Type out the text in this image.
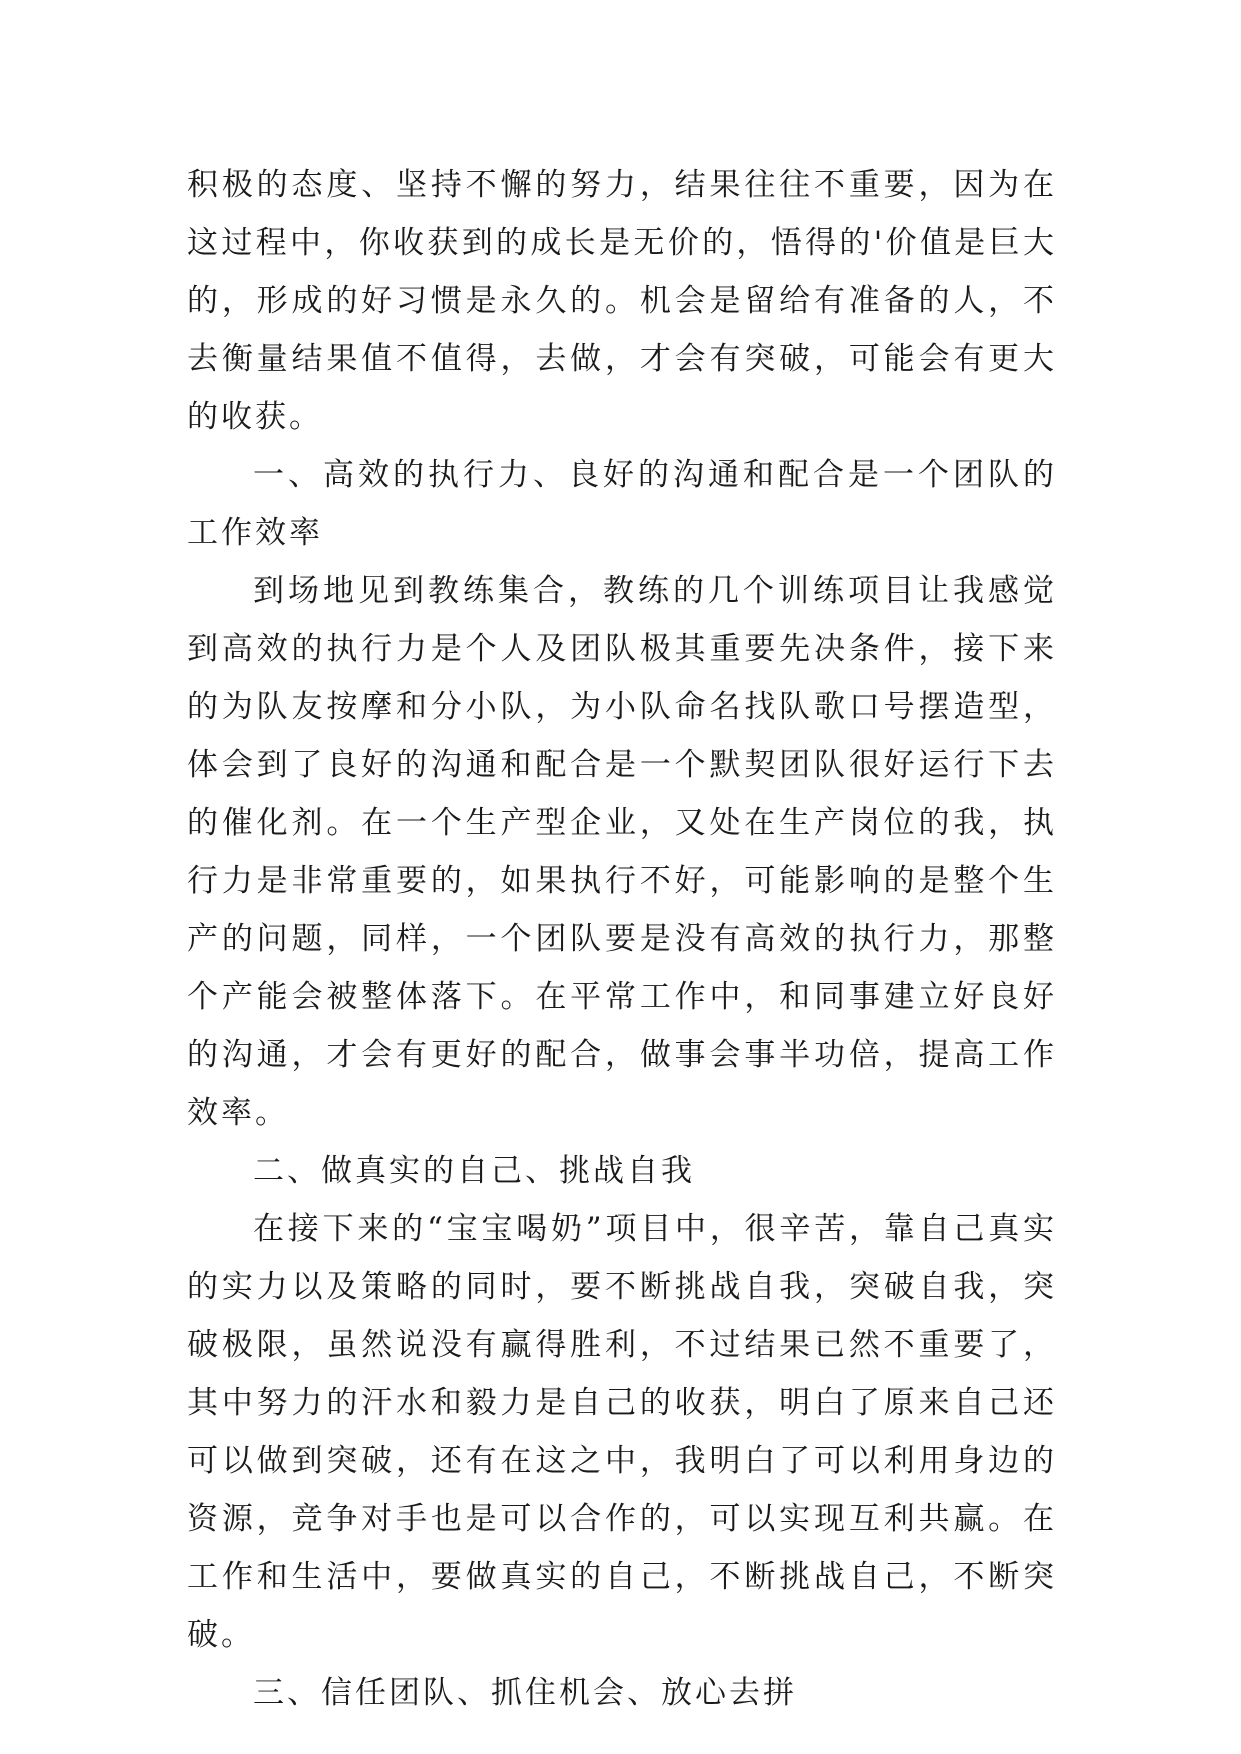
积极的态度、坚持不懈的努力，结果往往不重要，因为在这过程中，你收获到的成长是无价的，悟得的'价值是巨大的，形成的好习惯是永久的。机会是留给有准备的人，不去衡量结果值不值得，去做，才会有突破，可能会有更大的收获。

一、高效的执行力、良好的沟通和配合是一个团队的工作效率

到场地见到教练集合，教练的几个训练项目让我感觉到高效的执行力是个人及团队极其重要先决条件，接下来的为队友按摩和分小队，为小队命名找队歌口号摆造型，体会到了良好的沟通和配合是一个默契团队很好运行下去的催化剂。在一个生产型企业，又处在生产岗位的我，执行力是非常重要的，如果执行不好，可能影响的是整个生产的问题，同样，一个团队要是没有高效的执行力，那整个产能会被整体落下。在平常工作中，和同事建立好良好的沟通，才会有更好的配合，做事会事半功倍，提高工作效率。

二、做真实的自己、挑战自我

在接下来的“宝宝喝奶”项目中，很辛苦，靠自己真实的实力以及策略的同时，要不断挑战自我，突破自我，突破极限，虽然说没有赢得胜利，不过结果已然不重要了，其中努力的汗水和毅力是自己的收获，明白了原来自己还可以做到突破，还有在这之中，我明白了可以利用身边的资源，竞争对手也是可以合作的，可以实现互利共赢。在工作和生活中，要做真实的自己，不断挑战自己，不断突破。

三、信任团队、抓住机会、放心去拼
